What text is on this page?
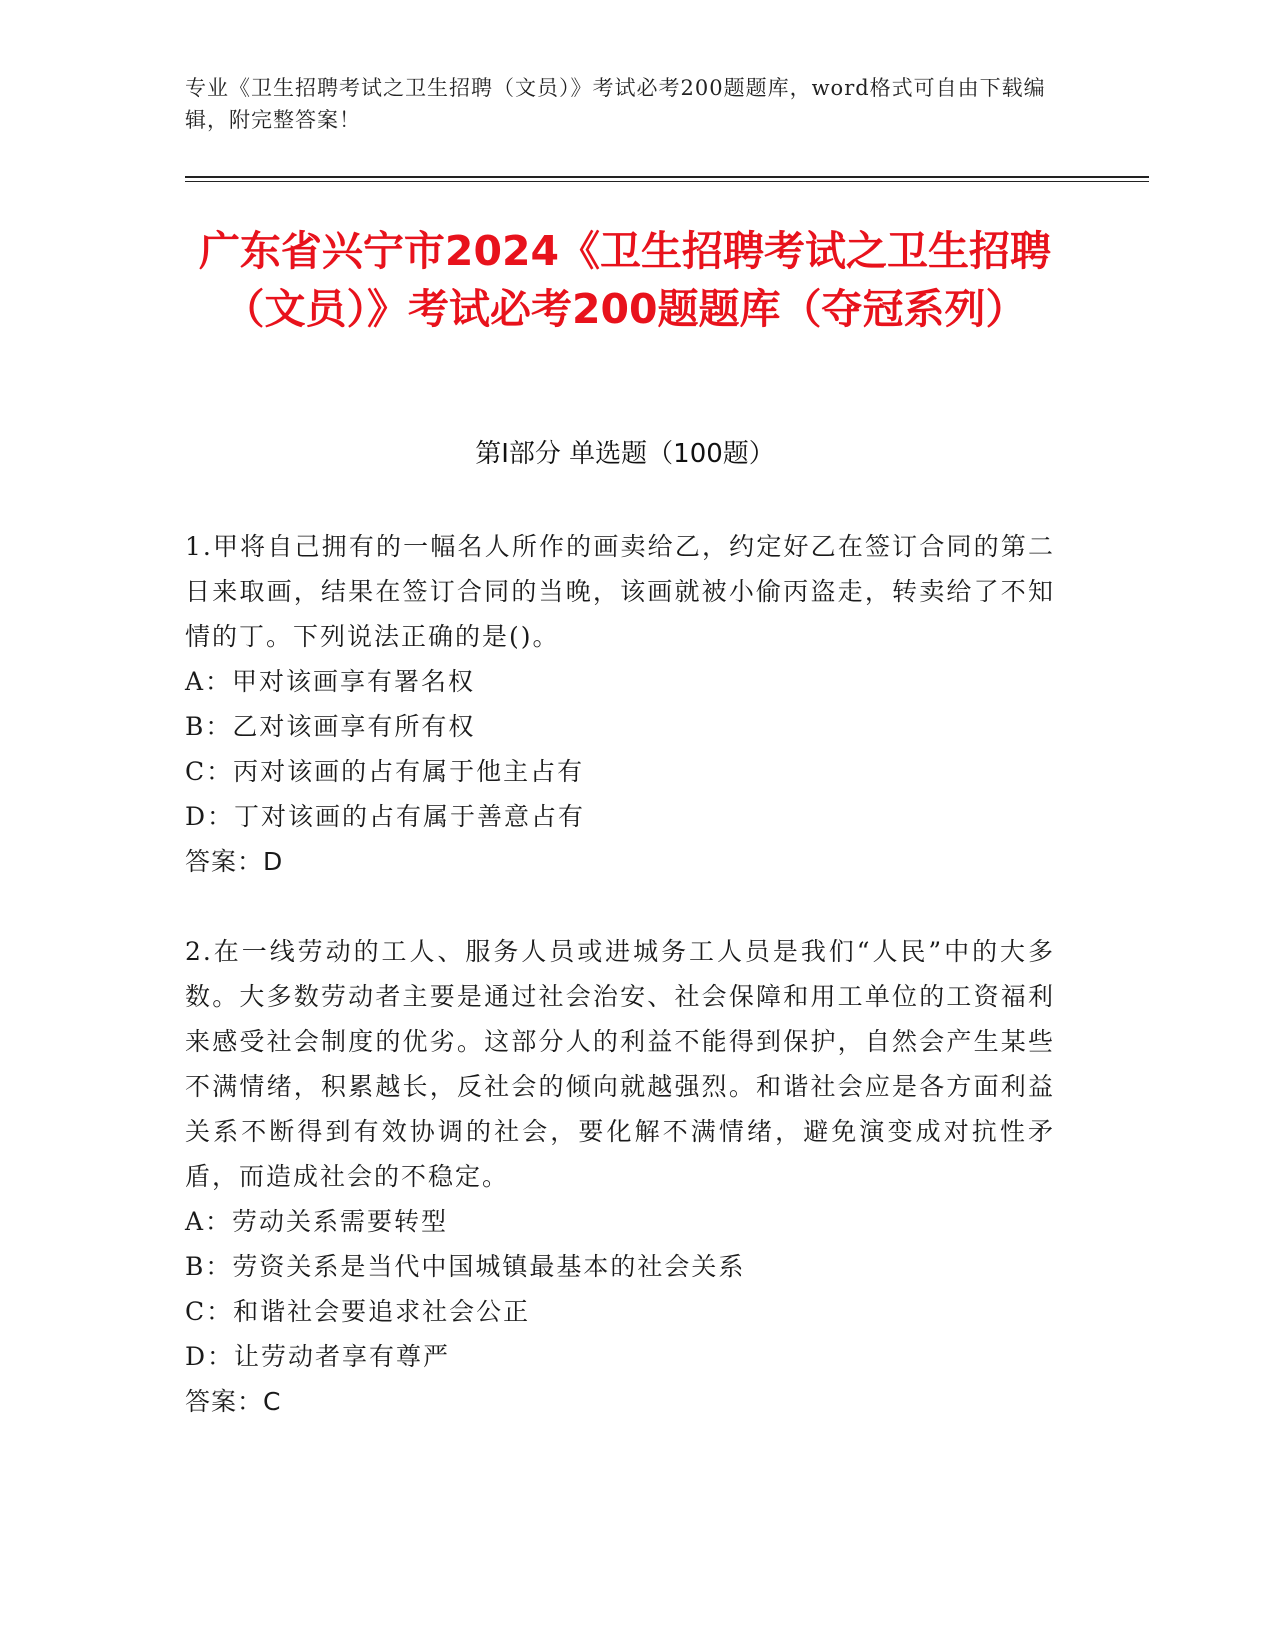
专业《卫生招聘考试之卫生招聘（文员）》考试必考200题题库，word格式可自由下载编辑，附完整答案！
广东省兴宁市2024《卫生招聘考试之卫生招聘（文员）》考试必考200题题库（夺冠系列）
第Ⅰ部分 单选题（100题）

1.甲将自己拥有的一幅名人所作的画卖给乙，约定好乙在签订合同的第二日来取画，结果在签订合同的当晚，该画就被小偷丙盗走，转卖给了不知情的丁。下列说法正确的是()。

A：甲对该画享有署名权

B：乙对该画享有所有权

C：丙对该画的占有属于他主占有

D：丁对该画的占有属于善意占有

答案：D

2.在一线劳动的工人、服务人员或进城务工人员是我们“人民”中的大多数。大多数劳动者主要是通过社会治安、社会保障和用工单位的工资福利来感受社会制度的优劣。这部分人的利益不能得到保护，自然会产生某些不满情绪，积累越长，反社会的倾向就越强烈。和谐社会应是各方面利益关系不断得到有效协调的社会，要化解不满情绪，避免演变成对抗性矛盾，而造成社会的不稳定。

A：劳动关系需要转型

B：劳资关系是当代中国城镇最基本的社会关系

C：和谐社会要追求社会公正

D：让劳动者享有尊严

答案：C
